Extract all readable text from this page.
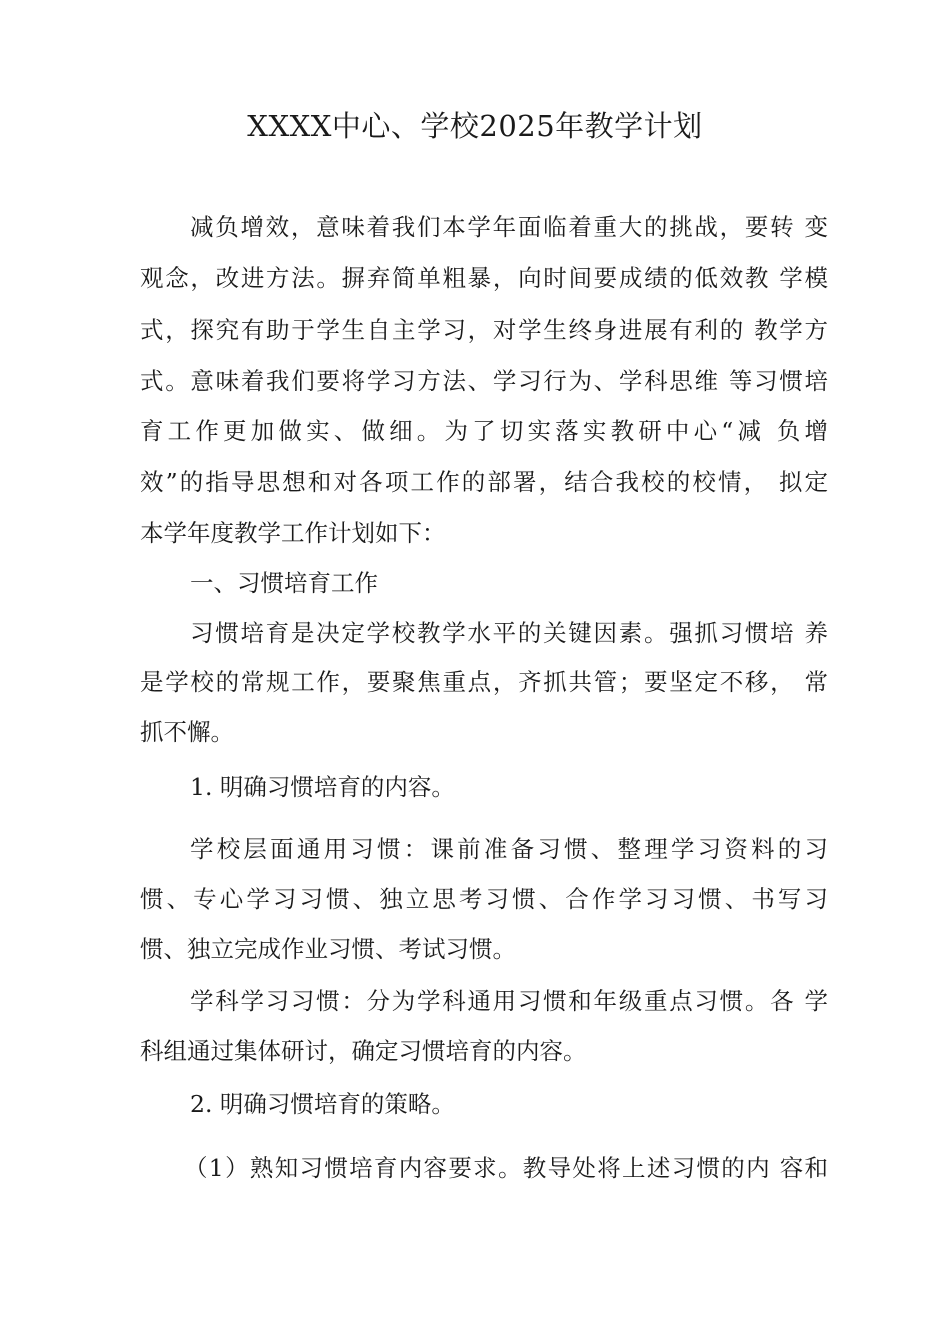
XXXX中心、学校2025年教学计划
减负增效，意味着我们本学年面临着重大的挑战，要转 变
观念，改进方法。摒弃简单粗暴，向时间要成绩的低效教 学模
式，探究有助于学生自主学习，对学生终身进展有利的 教学方
式。意味着我们要将学习方法、学习行为、学科思维 等习惯培
育工作更加做实、做细。为了切实落实教研中心“减 负增
效”的指导思想和对各项工作的部署，结合我校的校情， 拟定
本学年度教学工作计划如下：
一、习惯培育工作
习惯培育是决定学校教学水平的关键因素。强抓习惯培 养
是学校的常规工作，要聚焦重点，齐抓共管；要坚定不移， 常
抓不懈。
1. 明确习惯培育的内容。
学校层面通用习惯：课前准备习惯、整理学习资料的习
惯、专心学习习惯、独立思考习惯、合作学习习惯、书写习
惯、独立完成作业习惯、考试习惯。
学科学习习惯：分为学科通用习惯和年级重点习惯。各 学
科组通过集体研讨，确定习惯培育的内容。
2. 明确习惯培育的策略。
（1）熟知习惯培育内容要求。教导处将上述习惯的内 容和
